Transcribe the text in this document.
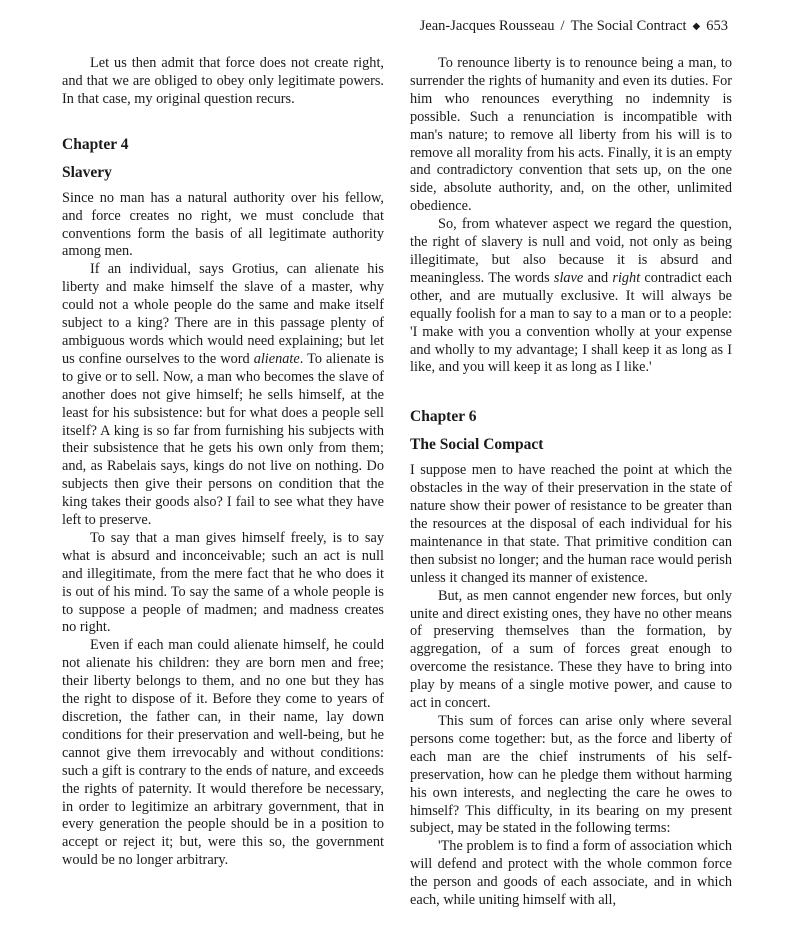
Jean-Jacques Rousseau / The Social Contract ◆ 653

Let us then admit that force does not create right, and that we are obliged to obey only legitimate powers. In that case, my original question recurs.

Chapter 4
Slavery

Since no man has a natural authority over his fellow, and force creates no right, we must conclude that conventions form the basis of all legitimate authority among men.

If an individual, says Grotius, can alienate his liberty and make himself the slave of a master, why could not a whole people do the same and make itself subject to a king? There are in this passage plenty of ambiguous words which would need explaining; but let us confine ourselves to the word alienate. To alienate is to give or to sell. Now, a man who becomes the slave of another does not give himself; he sells himself, at the least for his subsistence: but for what does a people sell itself? A king is so far from furnishing his subjects with their subsistence that he gets his own only from them; and, as Rabelais says, kings do not live on nothing. Do subjects then give their persons on condition that the king takes their goods also? I fail to see what they have left to preserve.

To say that a man gives himself freely, is to say what is absurd and inconceivable; such an act is null and illegitimate, from the mere fact that he who does it is out of his mind. To say the same of a whole people is to suppose a people of madmen; and madness creates no right.

Even if each man could alienate himself, he could not alienate his children: they are born men and free; their liberty belongs to them, and no one but they has the right to dispose of it. Before they come to years of discretion, the father can, in their name, lay down conditions for their preservation and well-being, but he cannot give them irrevocably and without conditions: such a gift is contrary to the ends of nature, and exceeds the rights of paternity. It would therefore be necessary, in order to legitimize an arbitrary government, that in every generation the people should be in a position to accept or reject it; but, were this so, the government would be no longer arbitrary.

To renounce liberty is to renounce being a man, to surrender the rights of humanity and even its duties. For him who renounces everything no indemnity is possible. Such a renunciation is incompatible with man's nature; to remove all liberty from his will is to remove all morality from his acts. Finally, it is an empty and contradictory convention that sets up, on the one side, absolute authority, and, on the other, unlimited obedience.

So, from whatever aspect we regard the question, the right of slavery is null and void, not only as being illegitimate, but also because it is absurd and meaningless. The words slave and right contradict each other, and are mutually exclusive. It will always be equally foolish for a man to say to a man or to a people: 'I make with you a convention wholly at your expense and wholly to my advantage; I shall keep it as long as I like, and you will keep it as long as I like.'

Chapter 6
The Social Compact

I suppose men to have reached the point at which the obstacles in the way of their preservation in the state of nature show their power of resistance to be greater than the resources at the disposal of each individual for his maintenance in that state. That primitive condition can then subsist no longer; and the human race would perish unless it changed its manner of existence.

But, as men cannot engender new forces, but only unite and direct existing ones, they have no other means of preserving themselves than the formation, by aggregation, of a sum of forces great enough to overcome the resistance. These they have to bring into play by means of a single motive power, and cause to act in concert.

This sum of forces can arise only where several persons come together: but, as the force and liberty of each man are the chief instruments of his self-preservation, how can he pledge them without harming his own interests, and neglecting the care he owes to himself? This difficulty, in its bearing on my present subject, may be stated in the following terms:

'The problem is to find a form of association which will defend and protect with the whole common force the person and goods of each associate, and in which each, while uniting himself with all,
